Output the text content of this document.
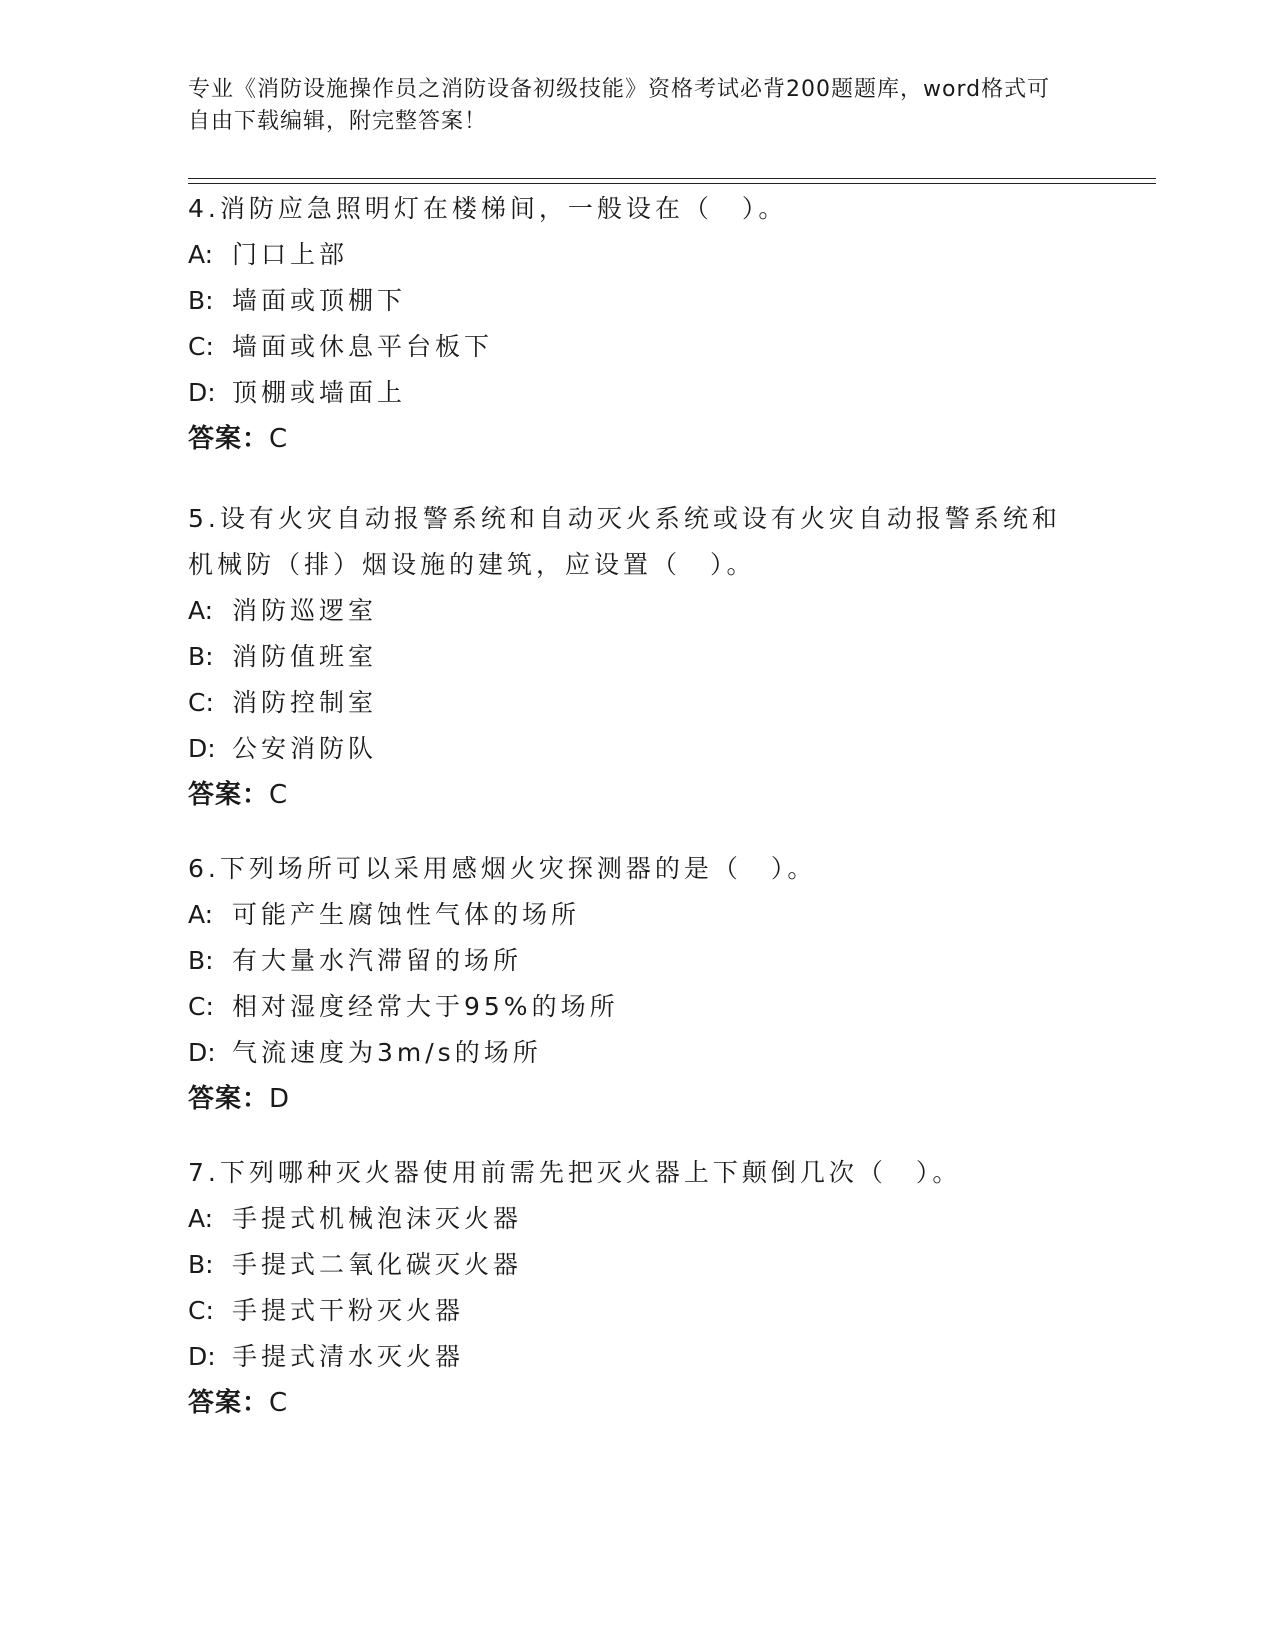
专业《消防设施操作员之消防设备初级技能》资格考试必背200题题库，word格式可自由下载编辑，附完整答案！

4.消防应急照明灯在楼梯间，一般设在（　）。

A: 门口上部

B: 墙面或顶棚下

C: 墙面或休息平台板下

D: 顶棚或墙面上

答案：C

5.设有火灾自动报警系统和自动灭火系统或设有火灾自动报警系统和机械防（排）烟设施的建筑，应设置（　）。

A: 消防巡逻室

B: 消防值班室

C: 消防控制室

D: 公安消防队

答案：C

6.下列场所可以采用感烟火灾探测器的是（　）。

A: 可能产生腐蚀性气体的场所

B: 有大量水汽滞留的场所

C: 相对湿度经常大于95%的场所

D: 气流速度为3m/s的场所

答案：D

7.下列哪种灭火器使用前需先把灭火器上下颠倒几次（　）。

A: 手提式机械泡沫灭火器

B: 手提式二氧化碳灭火器

C: 手提式干粉灭火器

D: 手提式清水灭火器

答案：C
